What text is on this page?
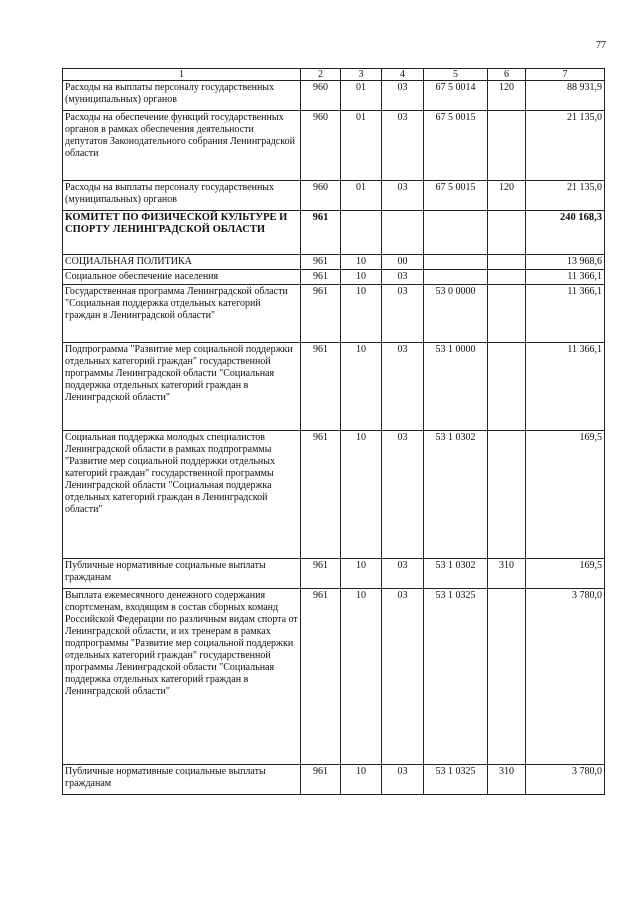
77
1	2	3	4	5	6	7
Расходы на выплаты персоналу государственных (муниципальных) органов	960	01	03	67 5 0014	120	88 931,9
Расходы на обеспечение функций государственных органов в рамках обеспечения деятельности депутатов Законодательного собрания Ленинградской области	960	01	03	67 5 0015		21 135,0
Расходы на выплаты персоналу государственных (муниципальных) органов	960	01	03	67 5 0015	120	21 135,0
КОМИТЕТ ПО ФИЗИЧЕСКОЙ КУЛЬТУРЕ И СПОРТУ ЛЕНИНГРАДСКОЙ ОБЛАСТИ	961					240 168,3
СОЦИАЛЬНАЯ ПОЛИТИКА	961	10	00			13 968,6
Социальное обеспечение населения	961	10	03			11 366,1
Государственная программа Ленинградской области "Социальная поддержка отдельных категорий граждан в Ленинградской области"	961	10	03	53 0 0000		11 366,1
Подпрограмма "Развитие мер социальной поддержки отдельных категорий граждан" государственной программы Ленинградской области "Социальная поддержка отдельных категорий граждан в Ленинградской области"	961	10	03	53 1 0000		11 366,1
Социальная поддержка молодых специалистов Ленинградской области в рамках подпрограммы "Развитие мер социальной поддержки отдельных категорий граждан" государственной программы Ленинградской области "Социальная поддержка отдельных категорий граждан в Ленинградской области"	961	10	03	53 1 0302		169,5
Публичные нормативные социальные выплаты гражданам	961	10	03	53 1 0302	310	169,5
Выплата ежемесячного денежного содержания спортсменам, входящим в состав сборных команд Российской Федерации по различным видам спорта от Ленинградской области, и их тренерам в рамках подпрограммы "Развитие мер социальной поддержки отдельных категорий граждан" государственной программы Ленинградской области "Социальная поддержка отдельных категорий граждан в Ленинградской области"	961	10	03	53 1 0325		3 780,0
Публичные нормативные социальные выплаты гражданам	961	10	03	53 1 0325	310	3 780,0
